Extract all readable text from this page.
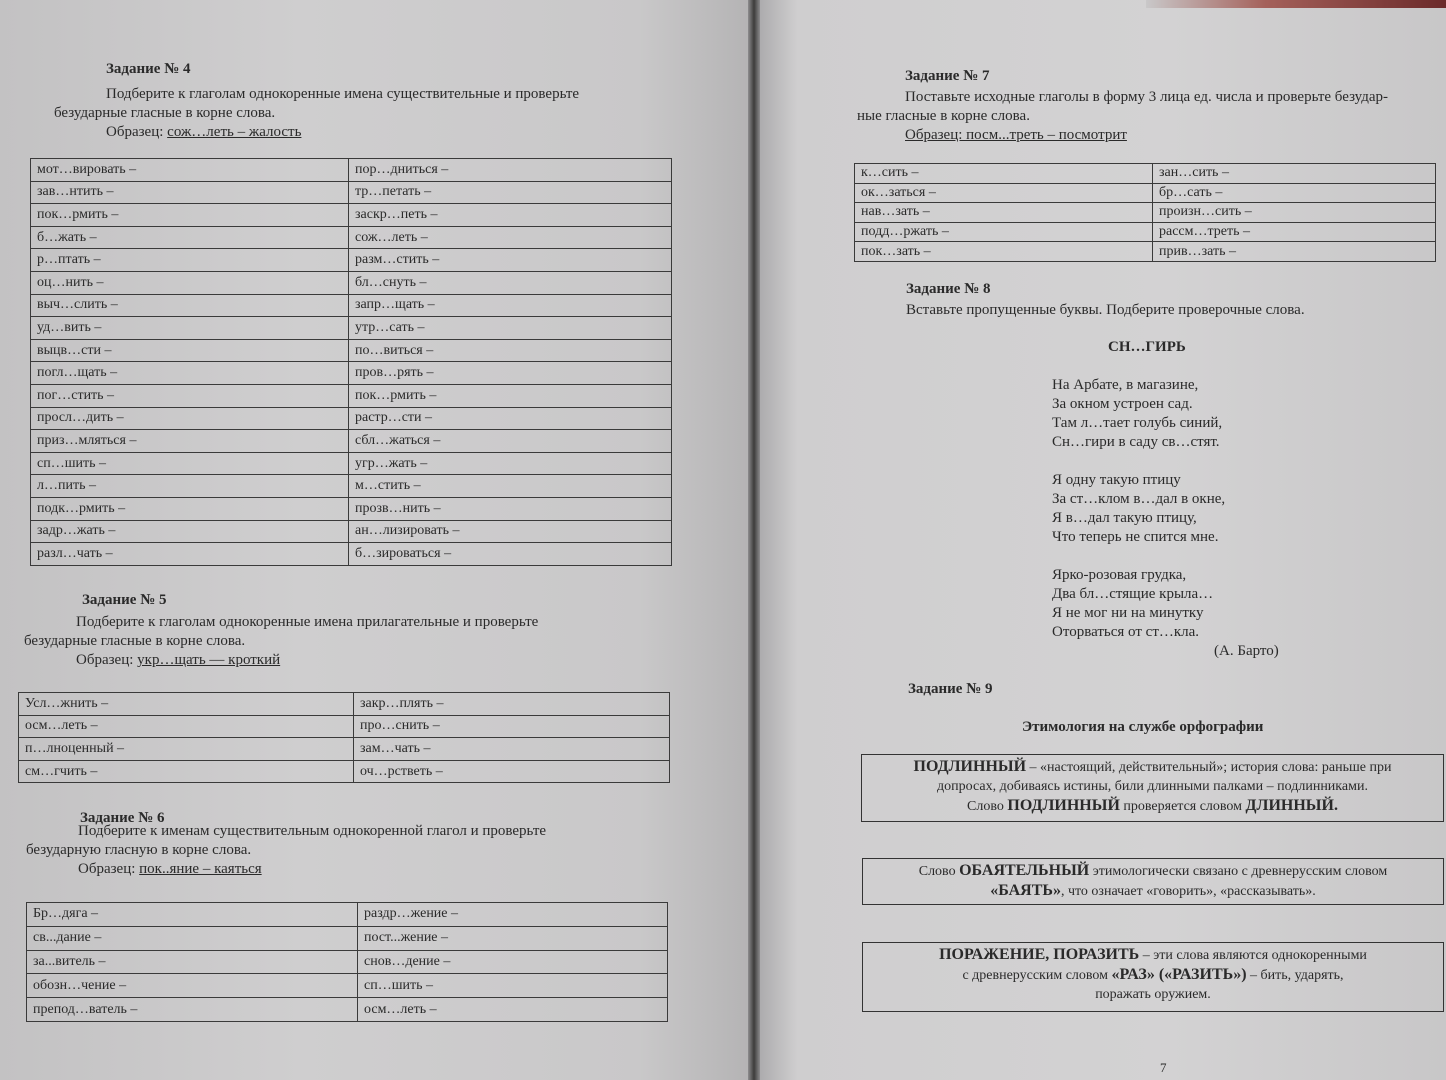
Задание № 4
Подберите к глаголам однокоренные имена существительные и проверьте
безударные гласные в корне слова.
Образец: сож…леть – жалость
мот…вировать –	пор…дниться –
зав…нтить –	тр…петать –
пок…рмить –	заскр…петь –
б…жать –	сож…леть –
р…птать –	разм…стить –
оц…нить –	бл…снуть –
выч…слить –	запр…щать –
уд…вить –	утр…сать –
выцв…сти –	по…виться –
погл…щать –	пров…рять –
пог…стить –	пок…рмить –
просл…дить –	растр…сти –
приз…мляться –	сбл…жаться –
сп…шить –	угр…жать –
л…пить –	м…стить –
подк…рмить –	прозв…нить –
задр…жать –	ан…лизировать –
разл…чать –	б…зироваться –
Задание № 5
Подберите к глаголам однокоренные имена прилагательные и проверьте
безударные гласные в корне слова.
Образец: укр…щать — кроткий
Усл…жнить –	закр…плять –
осм…леть –	про…снить –
п…лноценный –	зам…чать –
см…гчить –	оч…рстветь –
Задание № 6
Подберите к именам существительным однокоренной глагол и проверьте
безударную гласную в корне слова.
Образец: пок..яние – каяться
Бр…дяга –	раздр…жение –
св...дание –	пост...жение –
за...витель –	снов…дение –
обозн…чение –	сп…шить –
препод…ватель –	осм…леть –
Задание № 7
Поставьте исходные глаголы в форму 3 лица ед. числа и проверьте безудар-
ные гласные в корне слова.
Образец: посм...треть – посмотрит
к…сить –	зан…сить –
ок…заться –	бр…сать –
нав…зать –	произн…сить –
подд…ржать –	рассм…треть –
пок…зать –	прив…зать –
Задание № 8
Вставьте пропущенные буквы. Подберите проверочные слова.
СН…ГИРЬ
На Арбате, в магазине,
За окном устроен сад.
Там л…тает голубь синий,
Сн…гири в саду св…стят.
Я одну такую птицу
За ст…клом в…дал в окне,
Я в…дал такую птицу,
Что теперь не спится мне.
Ярко-розовая грудка,
Два бл…стящие крыла…
Я не мог ни на минутку
Оторваться от ст…кла.
(А. Барто)
Задание № 9
Этимология на службе орфографии
ПОДЛИННЫЙ – «настоящий, действительный»; история слова: раньше при
допросах, добиваясь истины, били длинными палками – подлинниками.
Слово ПОДЛИННЫЙ проверяется словом ДЛИННЫЙ.
Слово ОБАЯТЕЛЬНЫЙ этимологически связано с древнерусским словом
«БАЯТЬ», что означает «говорить», «рассказывать».
ПОРАЖЕНИЕ, ПОРАЗИТЬ – эти слова являются однокоренными
с древнерусским словом «РАЗ» («РАЗИТЬ») – бить, ударять,
поражать оружием.
7
